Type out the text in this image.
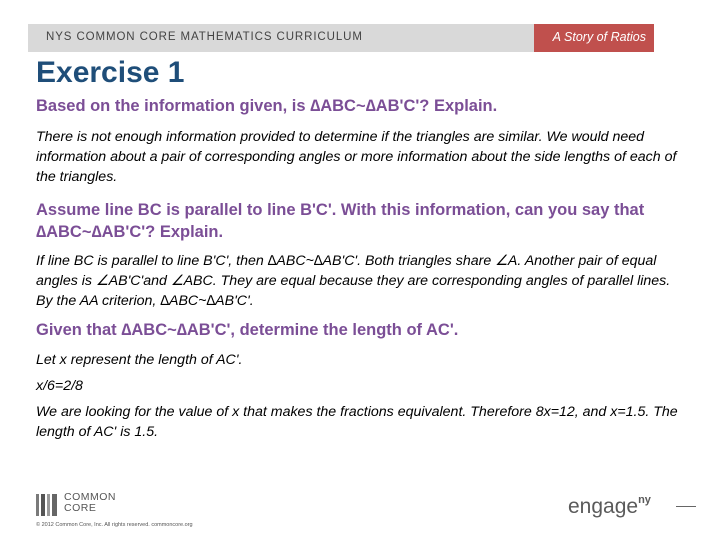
NYS COMMON CORE MATHEMATICS CURRICULUM	A Story of Ratios
Exercise 1
Based on the information given, is ∆ABC~∆AB'C'? Explain.
There is not enough information provided to determine if the triangles are similar. We would need information about a pair of corresponding angles or more information about the side lengths of each of the triangles.
Assume line BC is parallel to line B'C'. With this information, can you say that ∆ABC~∆AB'C'? Explain.
If line BC is parallel to line B'C', then ∆ABC~∆AB'C'. Both triangles share ∠A. Another pair of equal angles is ∠AB'C'and ∠ABC. They are equal because they are corresponding angles of parallel lines. By the AA criterion, ∆ABC~∆AB'C'.
Given that ∆ABC~∆AB'C', determine the length of AC'.
Let x represent the length of AC'.
x/6=2/8
We are looking for the value of x that makes the fractions equivalent. Therefore 8x=12, and x=1.5. The length of AC' is 1.5.
COMMON
CORE
© 2012 Common Core, Inc. All rights reserved. commoncore.org
engage$^{ny}$
